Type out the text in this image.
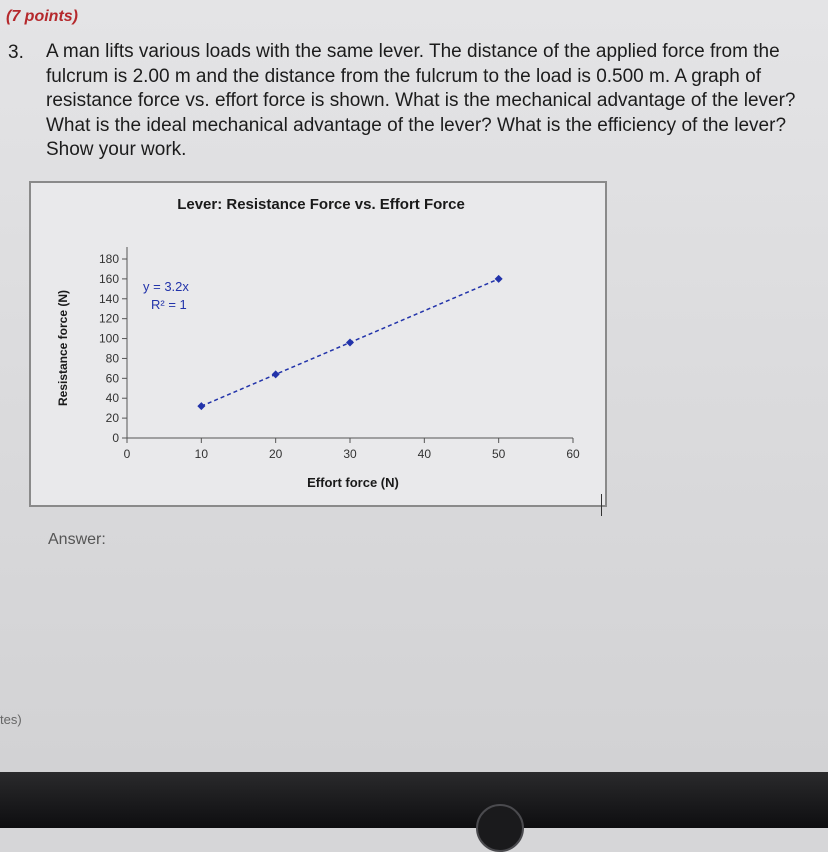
(7 points)
3. A man lifts various loads with the same lever. The distance of the applied force from the fulcrum is 2.00 m and the distance from the fulcrum to the load is 0.500 m. A graph of resistance force vs. effort force is shown. What is the mechanical advantage of the lever? What is the ideal mechanical advantage of the lever? What is the efficiency of the lever? Show your work.

Lever: Resistance Force vs. Effort Force
Resistance force (N)
Effort force (N)
0
20
40
60
80
100
120
140
160
180
0	10	20	30	40	50	60
y = 3.2x
R² = 1
Answer:
tes)
